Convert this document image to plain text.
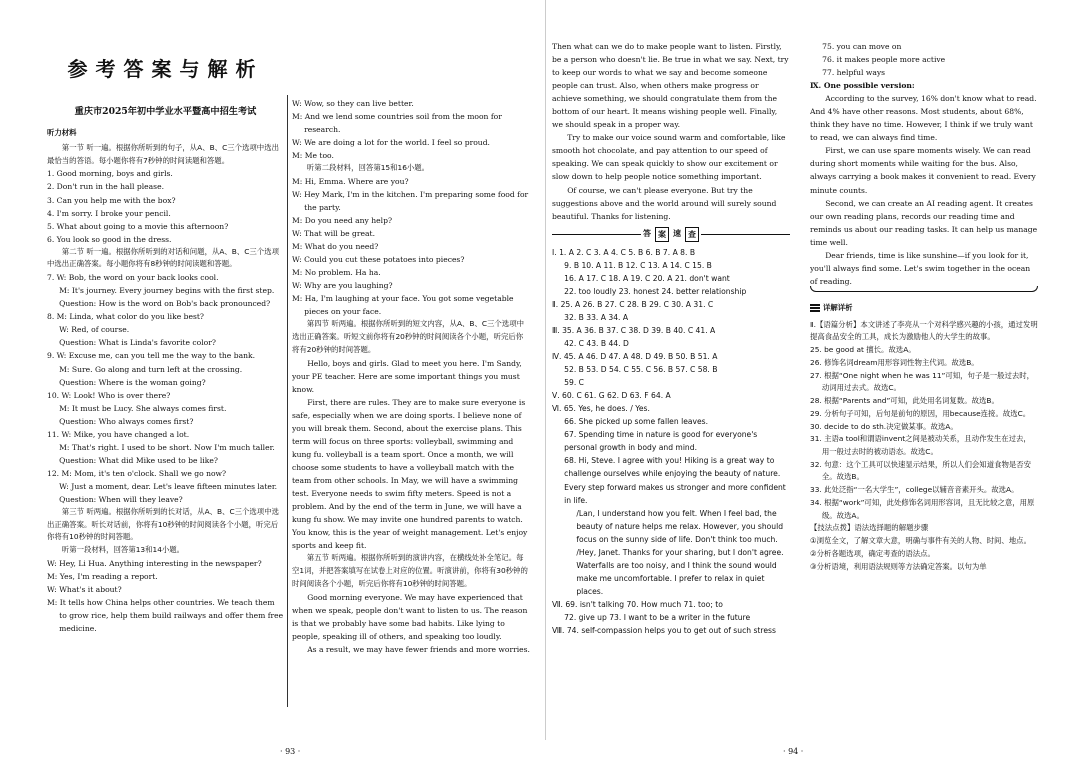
参考答案与解析
重庆市2025年初中学业水平暨高中招生考试
听力材料
第一节 听一遍。根据你所听到的句子，从A、B、C三个选项中选出最恰当的答语。每小题你将有7秒钟的时间读题和答题。
1. Good morning, boys and girls.
2. Don't run in the hall please.
3. Can you help me with the box?
4. I'm sorry. I broke your pencil.
5. What about going to a movie this afternoon?
6. You look so good in the dress.
第二节 听一遍。根据你所听到的对话和问题，从A、B、C三个选项中选出正确答案。每小题你将有8秒钟的时间读题和答题。
7. W: Bob, the word on your back looks cool.
M: It's journey. Every journey begins with the first step.
Question: How is the word on Bob's back pronounced?
8. M: Linda, what color do you like best?
W: Red, of course.
Question: What is Linda's favorite color?
9. W: Excuse me, can you tell me the way to the bank.
M: Sure. Go along and turn left at the crossing.
Question: Where is the woman going?
10. W: Look! Who is over there?
M: It must be Lucy. She always comes first.
Question: Who always comes first?
11. W: Mike, you have changed a lot.
M: That's right. I used to be short. Now I'm much taller.
Question: What did Mike used to be like?
12. M: Mom, it's ten o'clock. Shall we go now?
W: Just a moment, dear. Let's leave fifteen minutes later.
Question: When will they leave?
第三节 听两遍。根据你所听到的长对话，从A、B、C三个选项中选出正确答案。听长对话前，你将有10秒钟的时间阅读各个小题，听完后你将有10秒钟的时间答题。
听第一段材料，回答第13和14小题。
W: Hey, Li Hua. Anything interesting in the newspaper?
M: Yes, I'm reading a report.
W: What's it about?
M: It tells how China helps other countries. We teach them to grow rice, help them build railways and offer them free medicine.
W: Wow, so they can live better.
M: And we lend some countries soil from the moon for research.
W: We are doing a lot for the world. I feel so proud.
M: Me too.
听第二段材料，回答第15和16小题。
M: Hi, Emma. Where are you?
W: Hey Mark, I'm in the kitchen. I'm preparing some food for the party.
M: Do you need any help?
W: That will be great.
M: What do you need?
W: Could you cut these potatoes into pieces?
M: No problem. Ha ha.
W: Why are you laughing?
M: Ha, I'm laughing at your face. You got some vegetable pieces on your face.
第四节 听两遍。根据你所听到的短文内容，从A、B、C三个选项中选出正确答案。听短文前你将有20秒钟的时间阅读各个小题，听完后你将有20秒钟的时间答题。
Hello, boys and girls. Glad to meet you here. I'm Sandy, your PE teacher. Here are some important things you must know.
First, there are rules. They are to make sure everyone is safe, especially when we are doing sports. I believe none of you will break them. Second, about the exercise plans. This term will focus on three sports: volleyball, swimming and kung fu. volleyball is a team sport. Once a month, we will choose some students to have a volleyball match with the team from other schools. In May, we will have a swimming test. Everyone needs to swim fifty meters. Speed is not a problem. And by the end of the term in June, we will have a kung fu show. We may invite one hundred parents to watch. You know, this is the year of weight management. Let's enjoy sports and keep fit.
第五节 听两遍。根据你所听到的演讲内容，在横线处补全笔记。每空1词，并把答案填写在试卷上对应的位置。听演讲前，你将有30秒钟的时间阅读各个小题，听完后你将有10秒钟的时间答题。
Good morning everyone. We may have experienced that when we speak, people don't want to listen to us. The reason is that we probably have some bad habits. Like lying to people, speaking ill of others, and speaking too loudly.
As a result, we may have fewer friends and more worries.
· 93 ·
Then what can we do to make people want to listen. Firstly, be a person who doesn't lie. Be true in what we say. Next, try to keep our words to what we say and become someone people can trust. Also, when others make progress or achieve something, we should congratulate them from the bottom of our heart. It means wishing people well. Finally, we should speak in a proper way.
Try to make our voice sound warm and comfortable, like smooth hot chocolate, and pay attention to our speed of speaking. We can speak quickly to show our excitement or slow down to help people notice something important.
Of course, we can't please everyone. But try the suggestions above and the world around will surely sound beautiful. Thanks for listening.
答 案 速 查
Ⅰ. 1. A 2. C 3. A 4. C 5. B 6. B 7. A 8. B
9. B 10. A 11. B 12. C 13. A 14. C 15. B
16. A 17. C 18. A 19. C 20. A 21. don't want
22. too loudly 23. honest 24. better relationship
Ⅱ. 25. A 26. B 27. C 28. B 29. C 30. A 31. C
32. B 33. A 34. A
Ⅲ. 35. A 36. B 37. C 38. D 39. B 40. C 41. A
42. C 43. B 44. D
Ⅳ. 45. A 46. D 47. A 48. D 49. B 50. B 51. A
52. B 53. D 54. C 55. C 56. B 57. C 58. B
59. C
Ⅴ. 60. C 61. G 62. D 63. F 64. A
Ⅵ. 65. Yes, he does. / Yes.
66. She picked up some fallen leaves.
67. Spending time in nature is good for everyone's personal growth in body and mind.
68. Hi, Steve. I agree with you! Hiking is a great way to challenge ourselves while enjoying the beauty of nature. Every step forward makes us stronger and more confident in life.
/Lan, I understand how you felt. When I feel bad, the beauty of nature helps me relax. However, you should focus on the sunny side of life. Don't think too much.
/Hey, Janet. Thanks for your sharing, but I don't agree. Waterfalls are too noisy, and I think the sound would make me uncomfortable. I prefer to relax in quiet places.
Ⅶ. 69. isn't talking 70. How much 71. too; to
72. give up 73. I want to be a writer in the future
Ⅷ. 74. self-compassion helps you to get out of such stress
75. you can move on
76. it makes people more active
77. helpful ways
Ⅸ. One possible version:
According to the survey, 16% don't know what to read. And 4% have other reasons. Most students, about 68%, think they have no time. However, I think if we truly want to read, we can always find time.
First, we can use spare moments wisely. We can read during short moments while waiting for the bus. Also, always carrying a book makes it convenient to read. Every minute counts.
Second, we can create an AI reading agent. It creates our own reading plans, records our reading time and reminds us about our reading tasks. It can help us manage time well.
Dear friends, time is like sunshine—if you look for it, you'll always find some. Let's swim together in the ocean of reading.
详解详析
Ⅱ.【语篇分析】本文讲述了李亮从一个对科学感兴趣的小孩，通过发明提高食品安全的工具，成长为激励他人的大学生的故事。
25. be good at 擅长。故选A。
26. 修饰名词dream用形容词性物主代词。故选B。
27. 根据“One night when he was 11”可知，句子是一般过去时，动词用过去式。故选C。
28. 根据“Parents and”可知，此处用名词复数。故选B。
29. 分析句子可知，后句是前句的原因，用because连接。故选C。
30. decide to do sth.决定做某事。故选A。
31. 主语a tool和谓语invent之间是被动关系，且动作发生在过去，用一般过去时的被动语态。故选C。
32. 句意：这个工具可以快速显示结果，所以人们会知道食物是否安全。故选B。
33. 此处泛指“一名大学生”，college以辅音音素开头。故选A。
34. 根据“work”可知，此处修饰名词用形容词，且无比较之意，用原级。故选A。
【技法点拨】语法选择题的解题步骤
①浏览全文，了解文章大意，明确与事件有关的人物、时间、地点。
②分析各题选项，确定考查的语法点。
③分析语境，利用语法规则等方法确定答案。以句为单
· 94 ·
